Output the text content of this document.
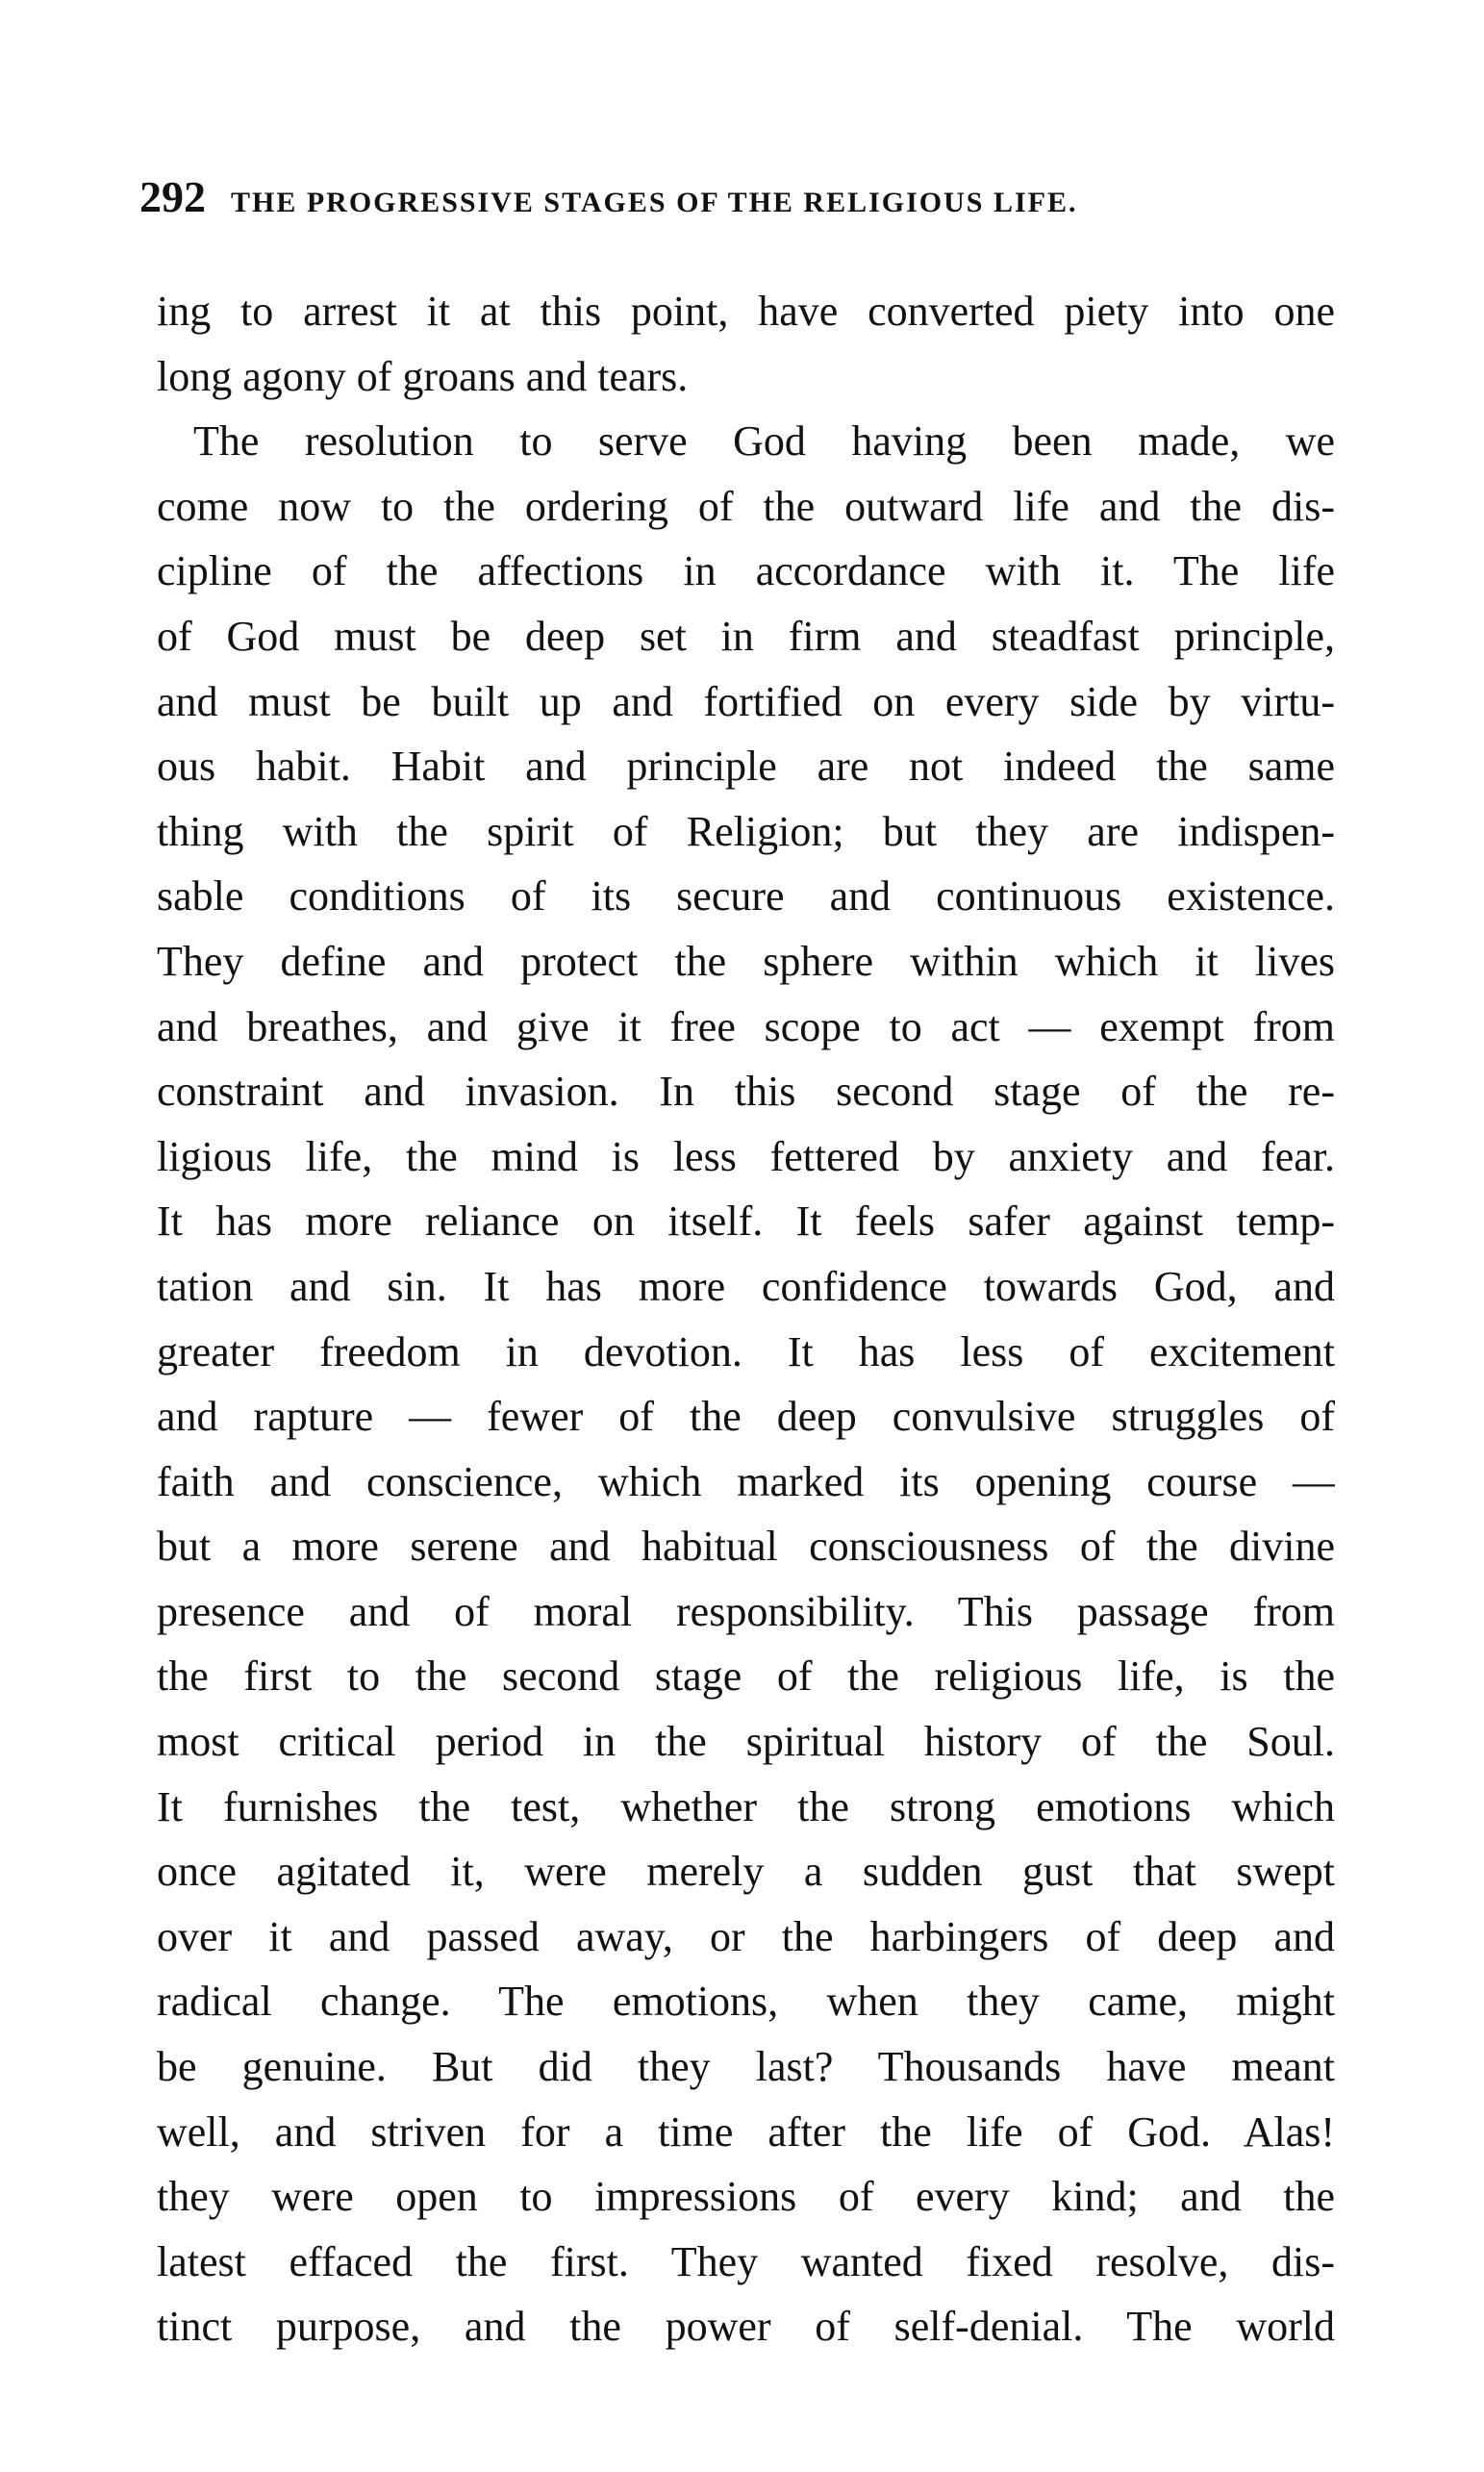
292 THE PROGRESSIVE STAGES OF THE RELIGIOUS LIFE.
ing to arrest it at this point, have converted piety into one
long agony of groans and tears.
The resolution to serve God having been made, we
come now to the ordering of the outward life and the dis-
cipline of the affections in accordance with it. The life
of God must be deep set in firm and steadfast principle,
and must be built up and fortified on every side by virtu-
ous habit. Habit and principle are not indeed the same
thing with the spirit of Religion; but they are indispen-
sable conditions of its secure and continuous existence.
They define and protect the sphere within which it lives
and breathes, and give it free scope to act — exempt from
constraint and invasion. In this second stage of the re-
ligious life, the mind is less fettered by anxiety and fear.
It has more reliance on itself. It feels safer against temp-
tation and sin. It has more confidence towards God, and
greater freedom in devotion. It has less of excitement
and rapture — fewer of the deep convulsive struggles of
faith and conscience, which marked its opening course —
but a more serene and habitual consciousness of the divine
presence and of moral responsibility. This passage from
the first to the second stage of the religious life, is the
most critical period in the spiritual history of the Soul.
It furnishes the test, whether the strong emotions which
once agitated it, were merely a sudden gust that swept
over it and passed away, or the harbingers of deep and
radical change. The emotions, when they came, might
be genuine. But did they last? Thousands have meant
well, and striven for a time after the life of God. Alas!
they were open to impressions of every kind; and the
latest effaced the first. They wanted fixed resolve, dis-
tinct purpose, and the power of self-denial. The world
